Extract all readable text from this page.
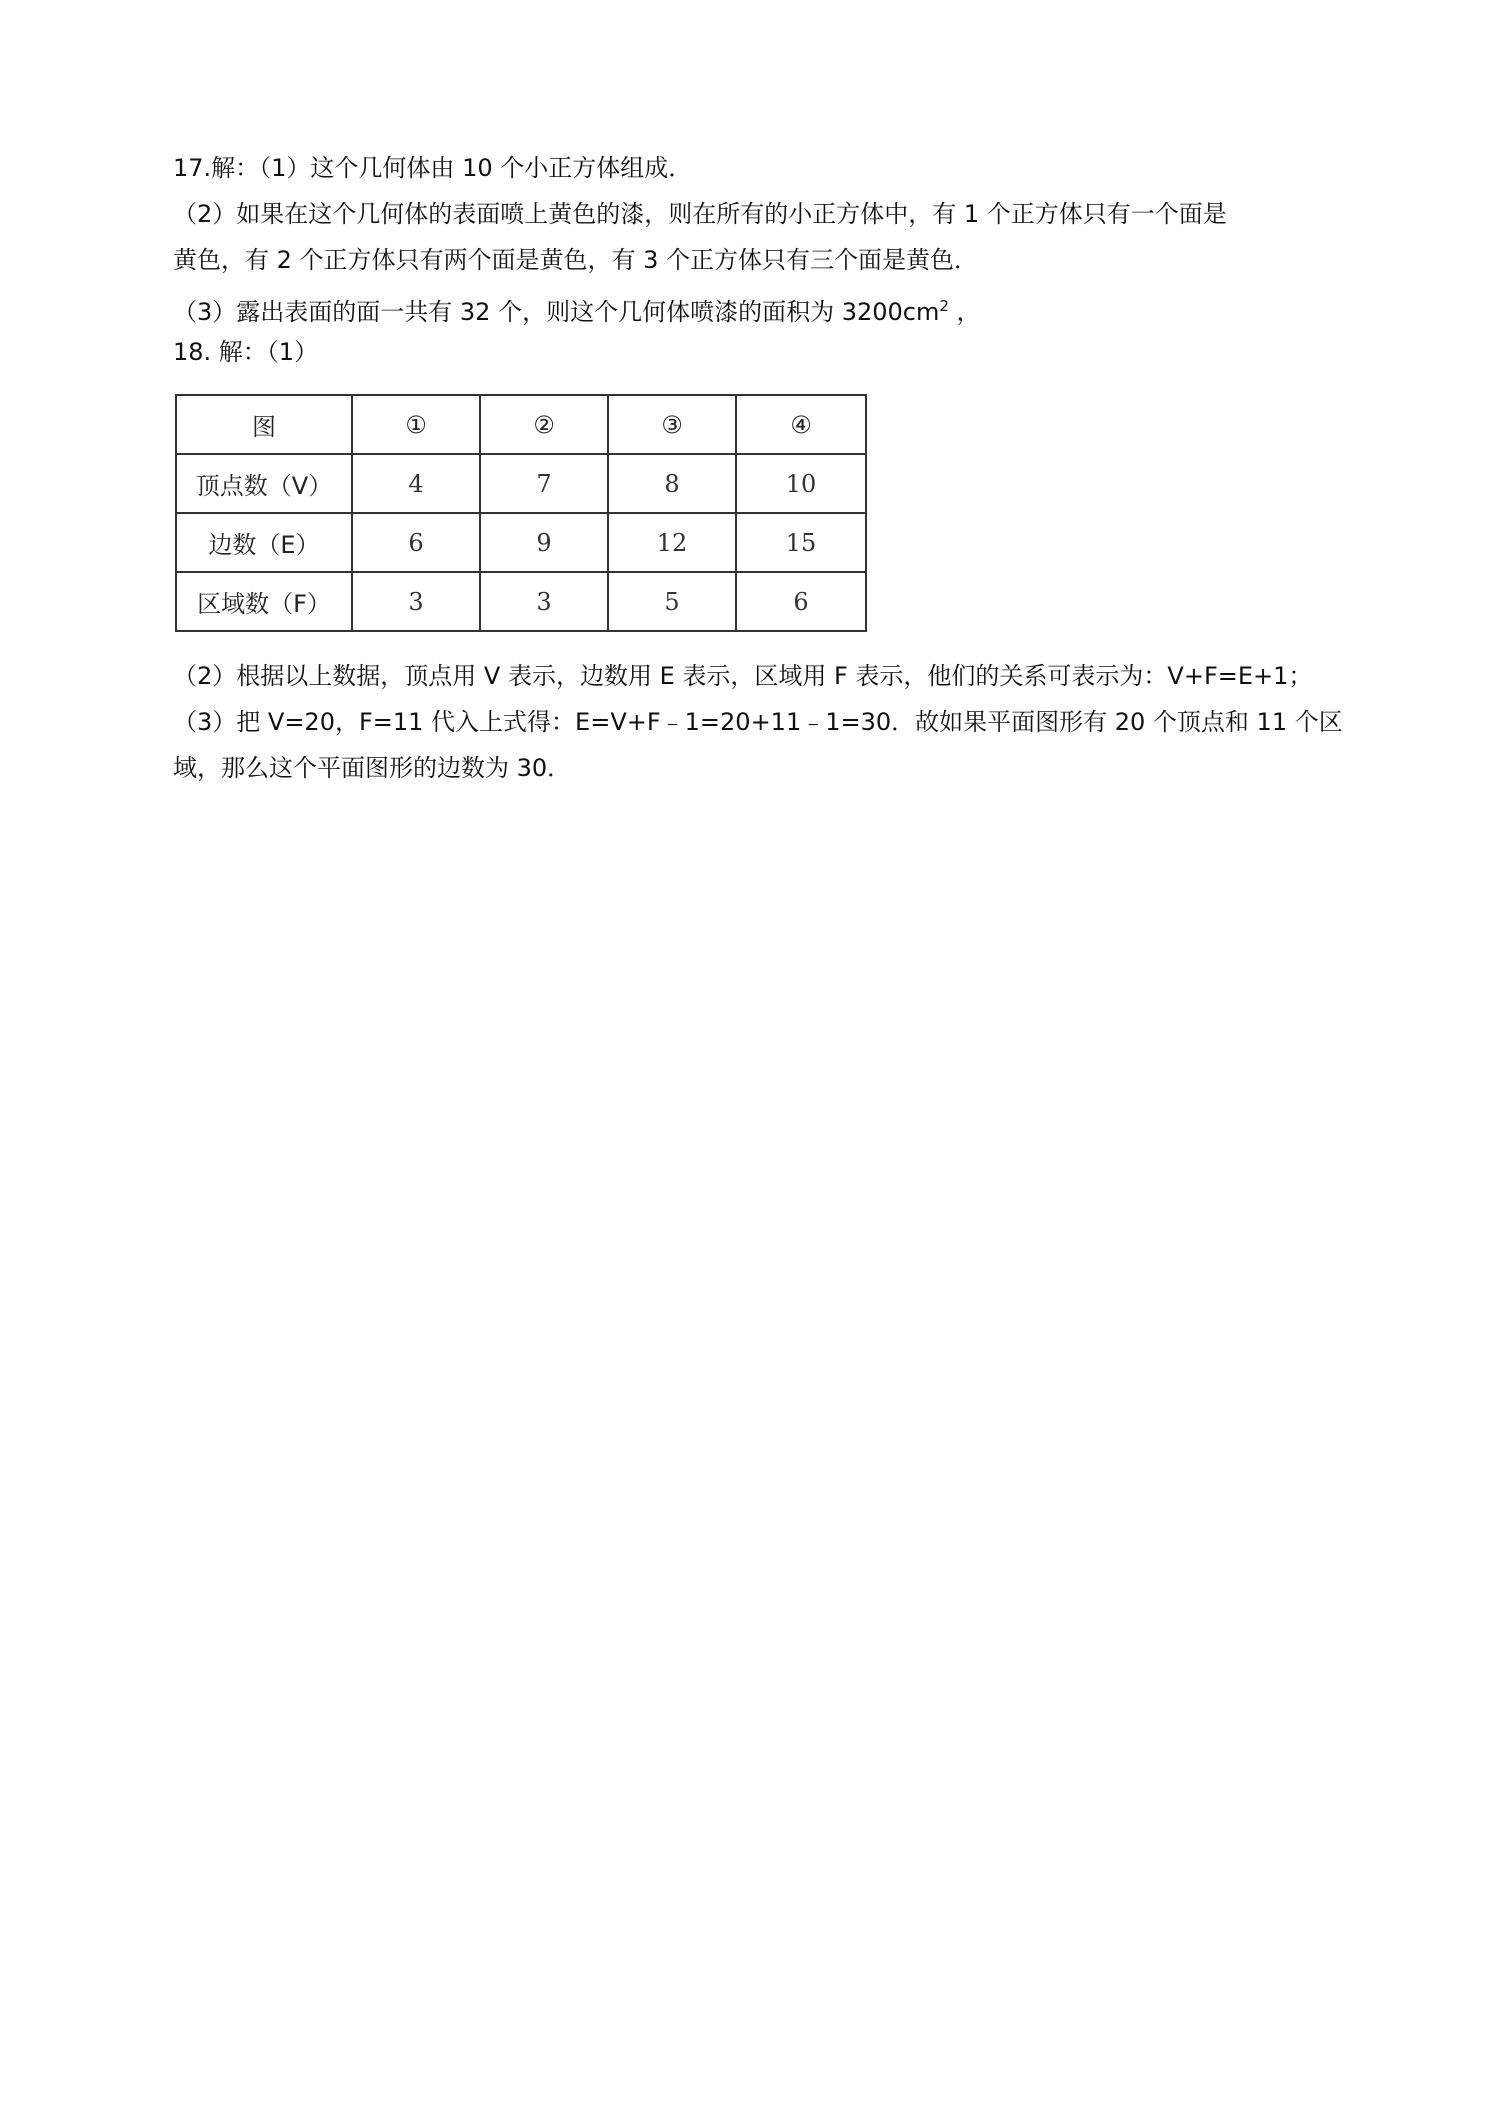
17.解：（1）这个几何体由 10 个小正方体组成．
（2）如果在这个几何体的表面喷上黄色的漆，则在所有的小正方体中，有 1 个正方体只有一个面是
黄色，有 2 个正方体只有两个面是黄色，有 3 个正方体只有三个面是黄色．
（3）露出表面的面一共有 32 个，则这个几何体喷漆的面积为 $3200cm^2$ ，
18. 解：（1）
图	①	②	③	④
顶点数（V）	4	7	8	10
边数（E）	6	9	12	15
区域数（F）	3	3	5	6
（2）根据以上数据，顶点用 V 表示，边数用 E 表示，区域用 F 表示，他们的关系可表示为：V+F=E+1；
（3）把 V=20，F=11 代入上式得：E=V+F﹣1=20+11﹣1=30．故如果平面图形有 20 个顶点和 11 个区
域，那么这个平面图形的边数为 30．
